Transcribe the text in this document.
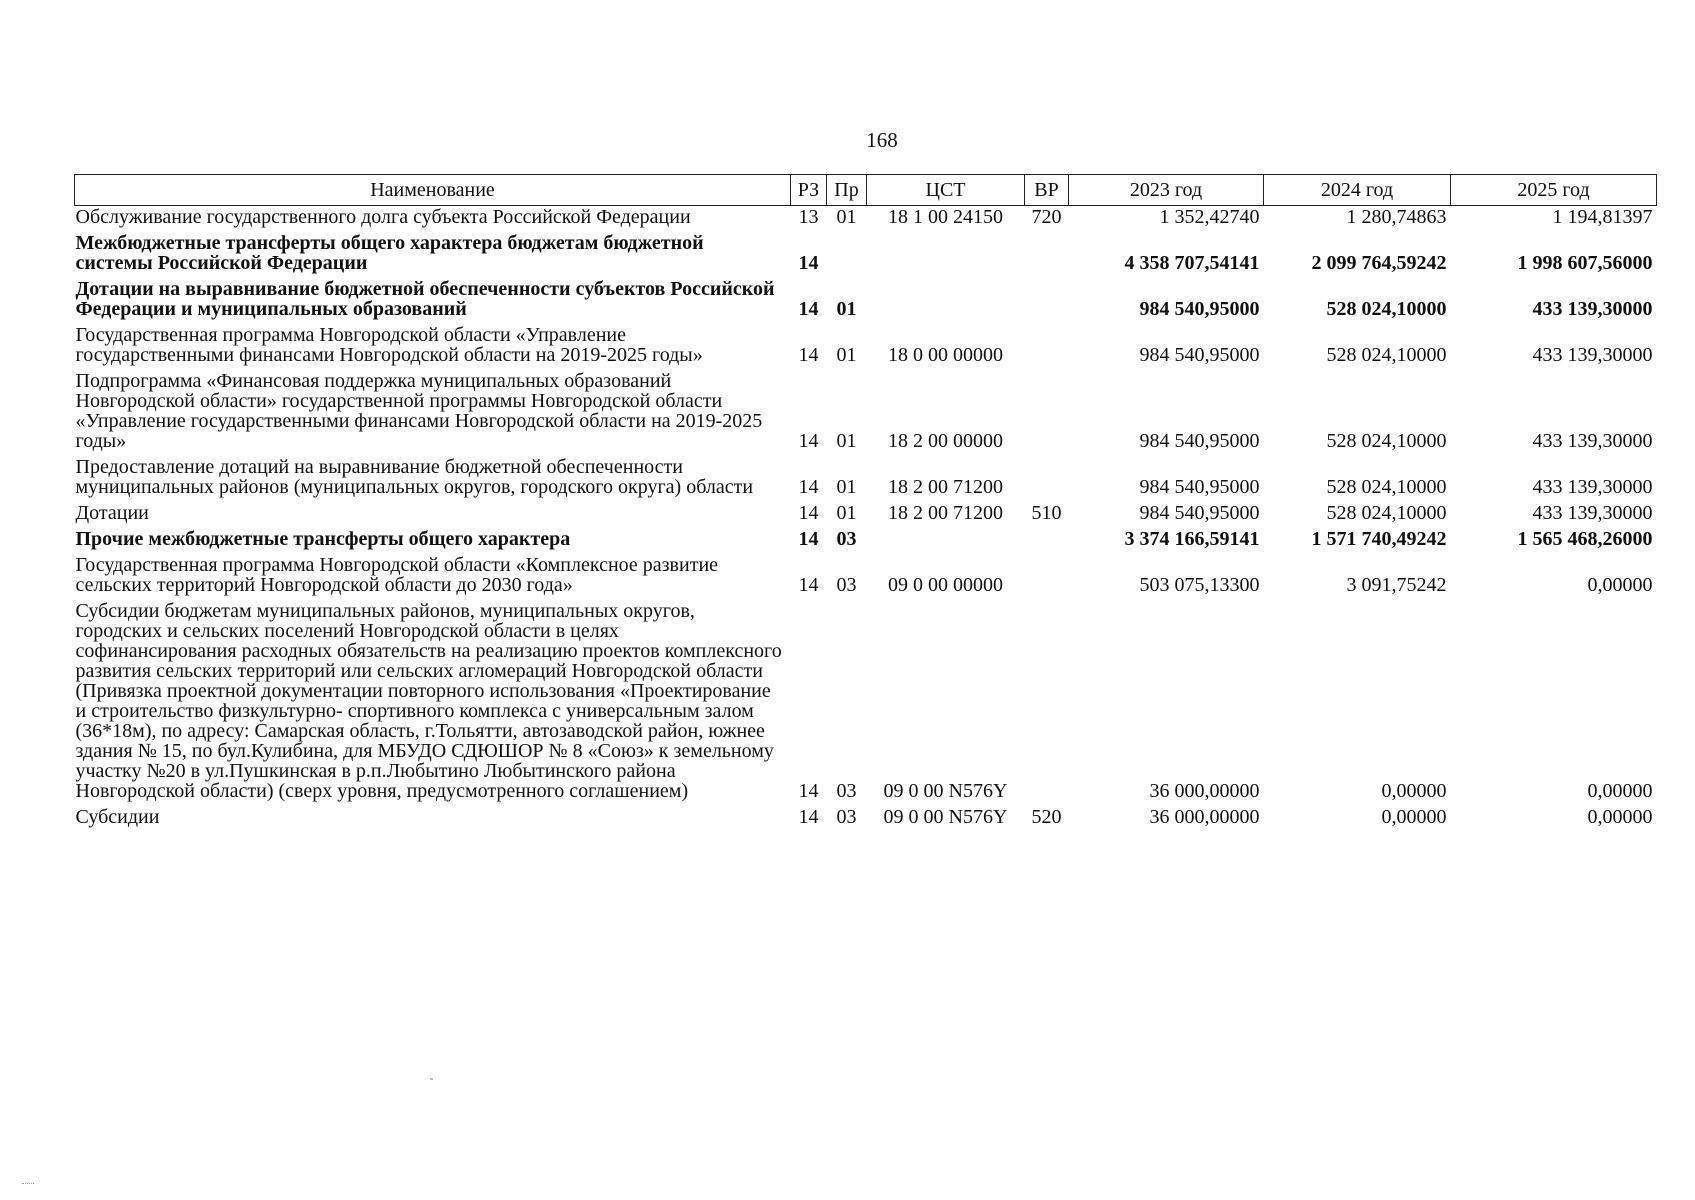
168
Наименование	РЗ	Пр	ЦСТ	ВР	2023 год	2024 год	2025 год
Обслуживание государственного долга субъекта Российской Федерации	13	01	18 1 00 24150	720	1 352,42740	1 280,74863	1 194,81397
Межбюджетные трансферты общего характера бюджетам бюджетной системы Российской Федерации	14				4 358 707,54141	2 099 764,59242	1 998 607,56000
Дотации на выравнивание бюджетной обеспеченности субъектов Российской Федерации и муниципальных образований	14	01			984 540,95000	528 024,10000	433 139,30000
Государственная программа Новгородской области «Управление государственными финансами Новгородской области на 2019-2025 годы»	14	01	18 0 00 00000		984 540,95000	528 024,10000	433 139,30000
Подпрограмма «Финансовая поддержка муниципальных образований Новгородской области» государственной программы Новгородской области «Управление государственными финансами Новгородской области на 2019-2025 годы»	14	01	18 2 00 00000		984 540,95000	528 024,10000	433 139,30000
Предоставление дотаций на выравнивание бюджетной обеспеченности муниципальных районов (муниципальных округов, городского округа) области	14	01	18 2 00 71200		984 540,95000	528 024,10000	433 139,30000
Дотации	14	01	18 2 00 71200	510	984 540,95000	528 024,10000	433 139,30000
Прочие межбюджетные трансферты общего характера	14	03			3 374 166,59141	1 571 740,49242	1 565 468,26000
Государственная программа Новгородской области «Комплексное развитие сельских территорий Новгородской области до 2030 года»	14	03	09 0 00 00000		503 075,13300	3 091,75242	0,00000
Субсидии бюджетам муниципальных районов, муниципальных округов, городских и сельских поселений Новгородской области в целях софинансирования расходных обязательств на реализацию проектов комплексного развития сельских территорий или сельских агломераций Новгородской области (Привязка проектной документации повторного использования «Проектирование и строительство физкультурно- спортивного комплекса с универсальным залом (36*18м), по адресу: Самарская область, г.Тольятти, автозаводской район, южнее здания № 15, по бул.Кулибина, для МБУДО СДЮШОР № 8 «Союз» к земельному участку №20 в ул.Пушкинская в р.п.Любытино Любытинского района Новгородской области) (сверх уровня, предусмотренного соглашением)	14	03	09 0 00 N576Y		36 000,00000	0,00000	0,00000
Субсидии	14	03	09 0 00 N576Y	520	36 000,00000	0,00000	0,00000
